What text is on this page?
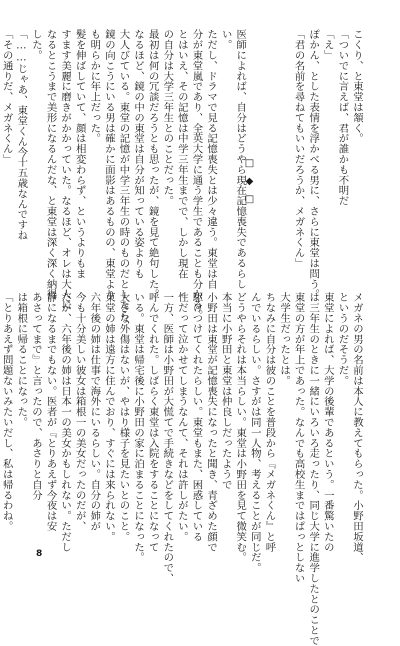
こくり、と東堂は頷く。
「ついでに言えば、君が誰かも不明だ
「え」
ぽかん、とした表情を浮かべる男に、さらに東堂は問う。
「君の名前を尋ねてもいいだろうか、メガネくん」

医師によれば、自分はどうやら現在記憶喪失であるらし
い。
ただし、ドラマで見る記憶喪失とは少々違う。東堂は自
分が東堂嵐であり、全英大学に通う学生であることも分かる。
とはいえ、その記憶は中学三年生までで、しかし現在
の自分は大学三年生とのことだった。
最初は何の冗談だろうとも思ったが、鏡を見て絶句した。
なるほど、鏡の中の東堂は自分が知っている姿よりも
大人びている。東堂の記憶が中学三年生の時のものだとしたら、
鏡の向こうにいる男は確かに面影はあるものの、東堂より
も明らかに年上だった。
髪を伸ばしていて、顔は相変わらず、というよりもま
すます美麗に磨きがかかっていた。なるほど、オレは大人に
なるとこうまで美形になるんだな、と東堂は深く深く納得
した。
「……じゃあ、東堂くん今十五歳なんですね
「その通りだ、メガネくん」
□◆□
メガネの男の名前は本人に教えてもらった。小野田坂道、
というのだそうだ。
東堂によれば、大学の後輩であるという。一番驚いたの
は三年生のときに一緒にいろいろ走ったり、同じ大学に進学したとのことで
東堂の方が年上であった。なんでも高校生まではぱっとしない
大学生だったとは。
ちなみに自分は彼のことを普段から『メガネくん』と呼
んでいるらしい。さすがは同一人物、考えることが同じだ。
どうやらそれは本当らしい。東堂は小野田を見て微笑む。
本当に小野田と東堂は仲良しだったようで
小野田は東堂が記憶喪失になったと聞き、青ざめた顔で
駆けつけてくれたらしい。東堂もまた、困惑している
性だって泣かせてしまうなんて、それは許しがたい。
一方、医師は小野田が大慌てで手続きなどをしてくれたので、
呼んでくれた。しばらく東堂は入院をすることになって
いる。東堂は帰宅後に小野田の家に泊まることになった。
大きな外傷はないが、やはり様子を見たいとのこと。
東堂の姉は遠方に住んでおり、すぐには来られない。
六年後の姉は仕事で海外にいるらしい。自分の姉が
今も十分美しい彼女は箱根一の美女だったのだが、
だが、六年後の姉は日本一の美女かもしれない。ただし
静になるまでもない。医者が『とりあえず今夜は安
あさってまで』と言ったので、あさりと自分
は箱根に帰ることになった。
「とりあえず問題ないみたいだし、私は帰るわね。
8
